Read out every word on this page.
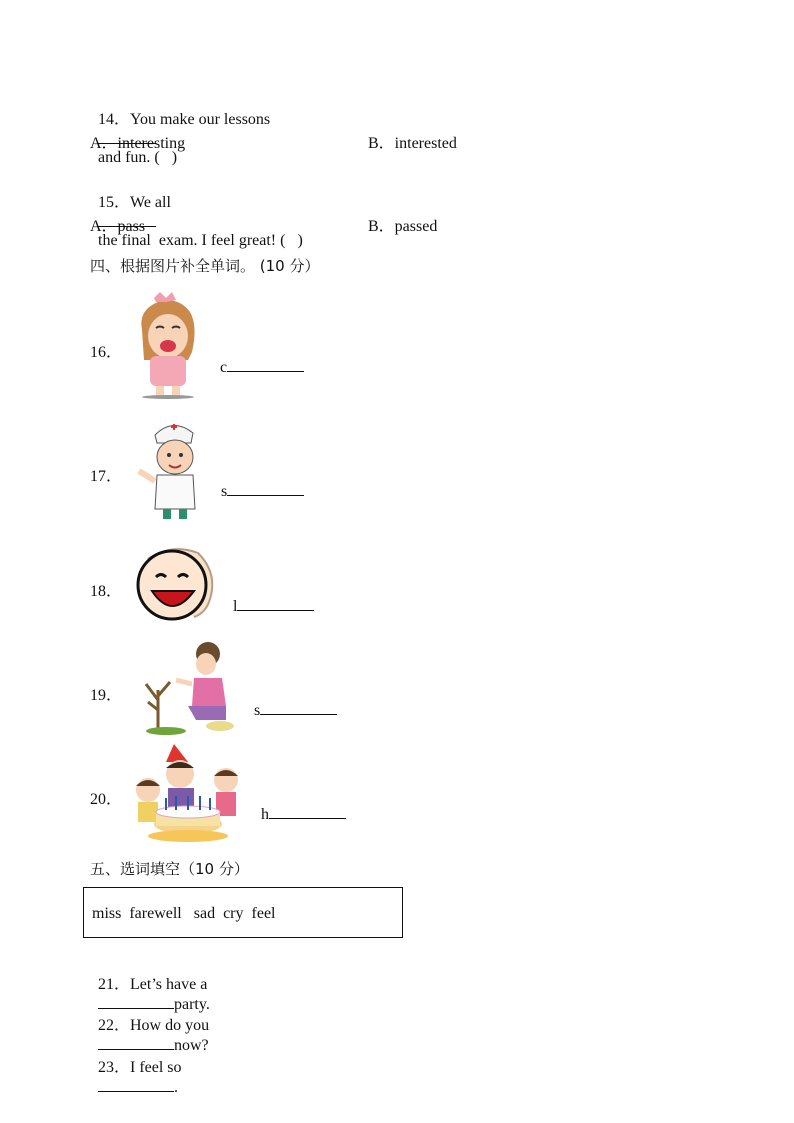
14．You make our lessons

and fun. (   )

A．interesting	B．interested

15．We all

the final  exam. I feel great! (   )

A．pass	B．passed
四、根据图片补全单词。 (10 分）
16．

c

17．

s

18．

l

19．

s

20．

h

五、选词填空（10 分）
miss  farewell   sad  cry  feel

21．Let’s have a
party.

22．How do you
now?

23．I feel so
.
